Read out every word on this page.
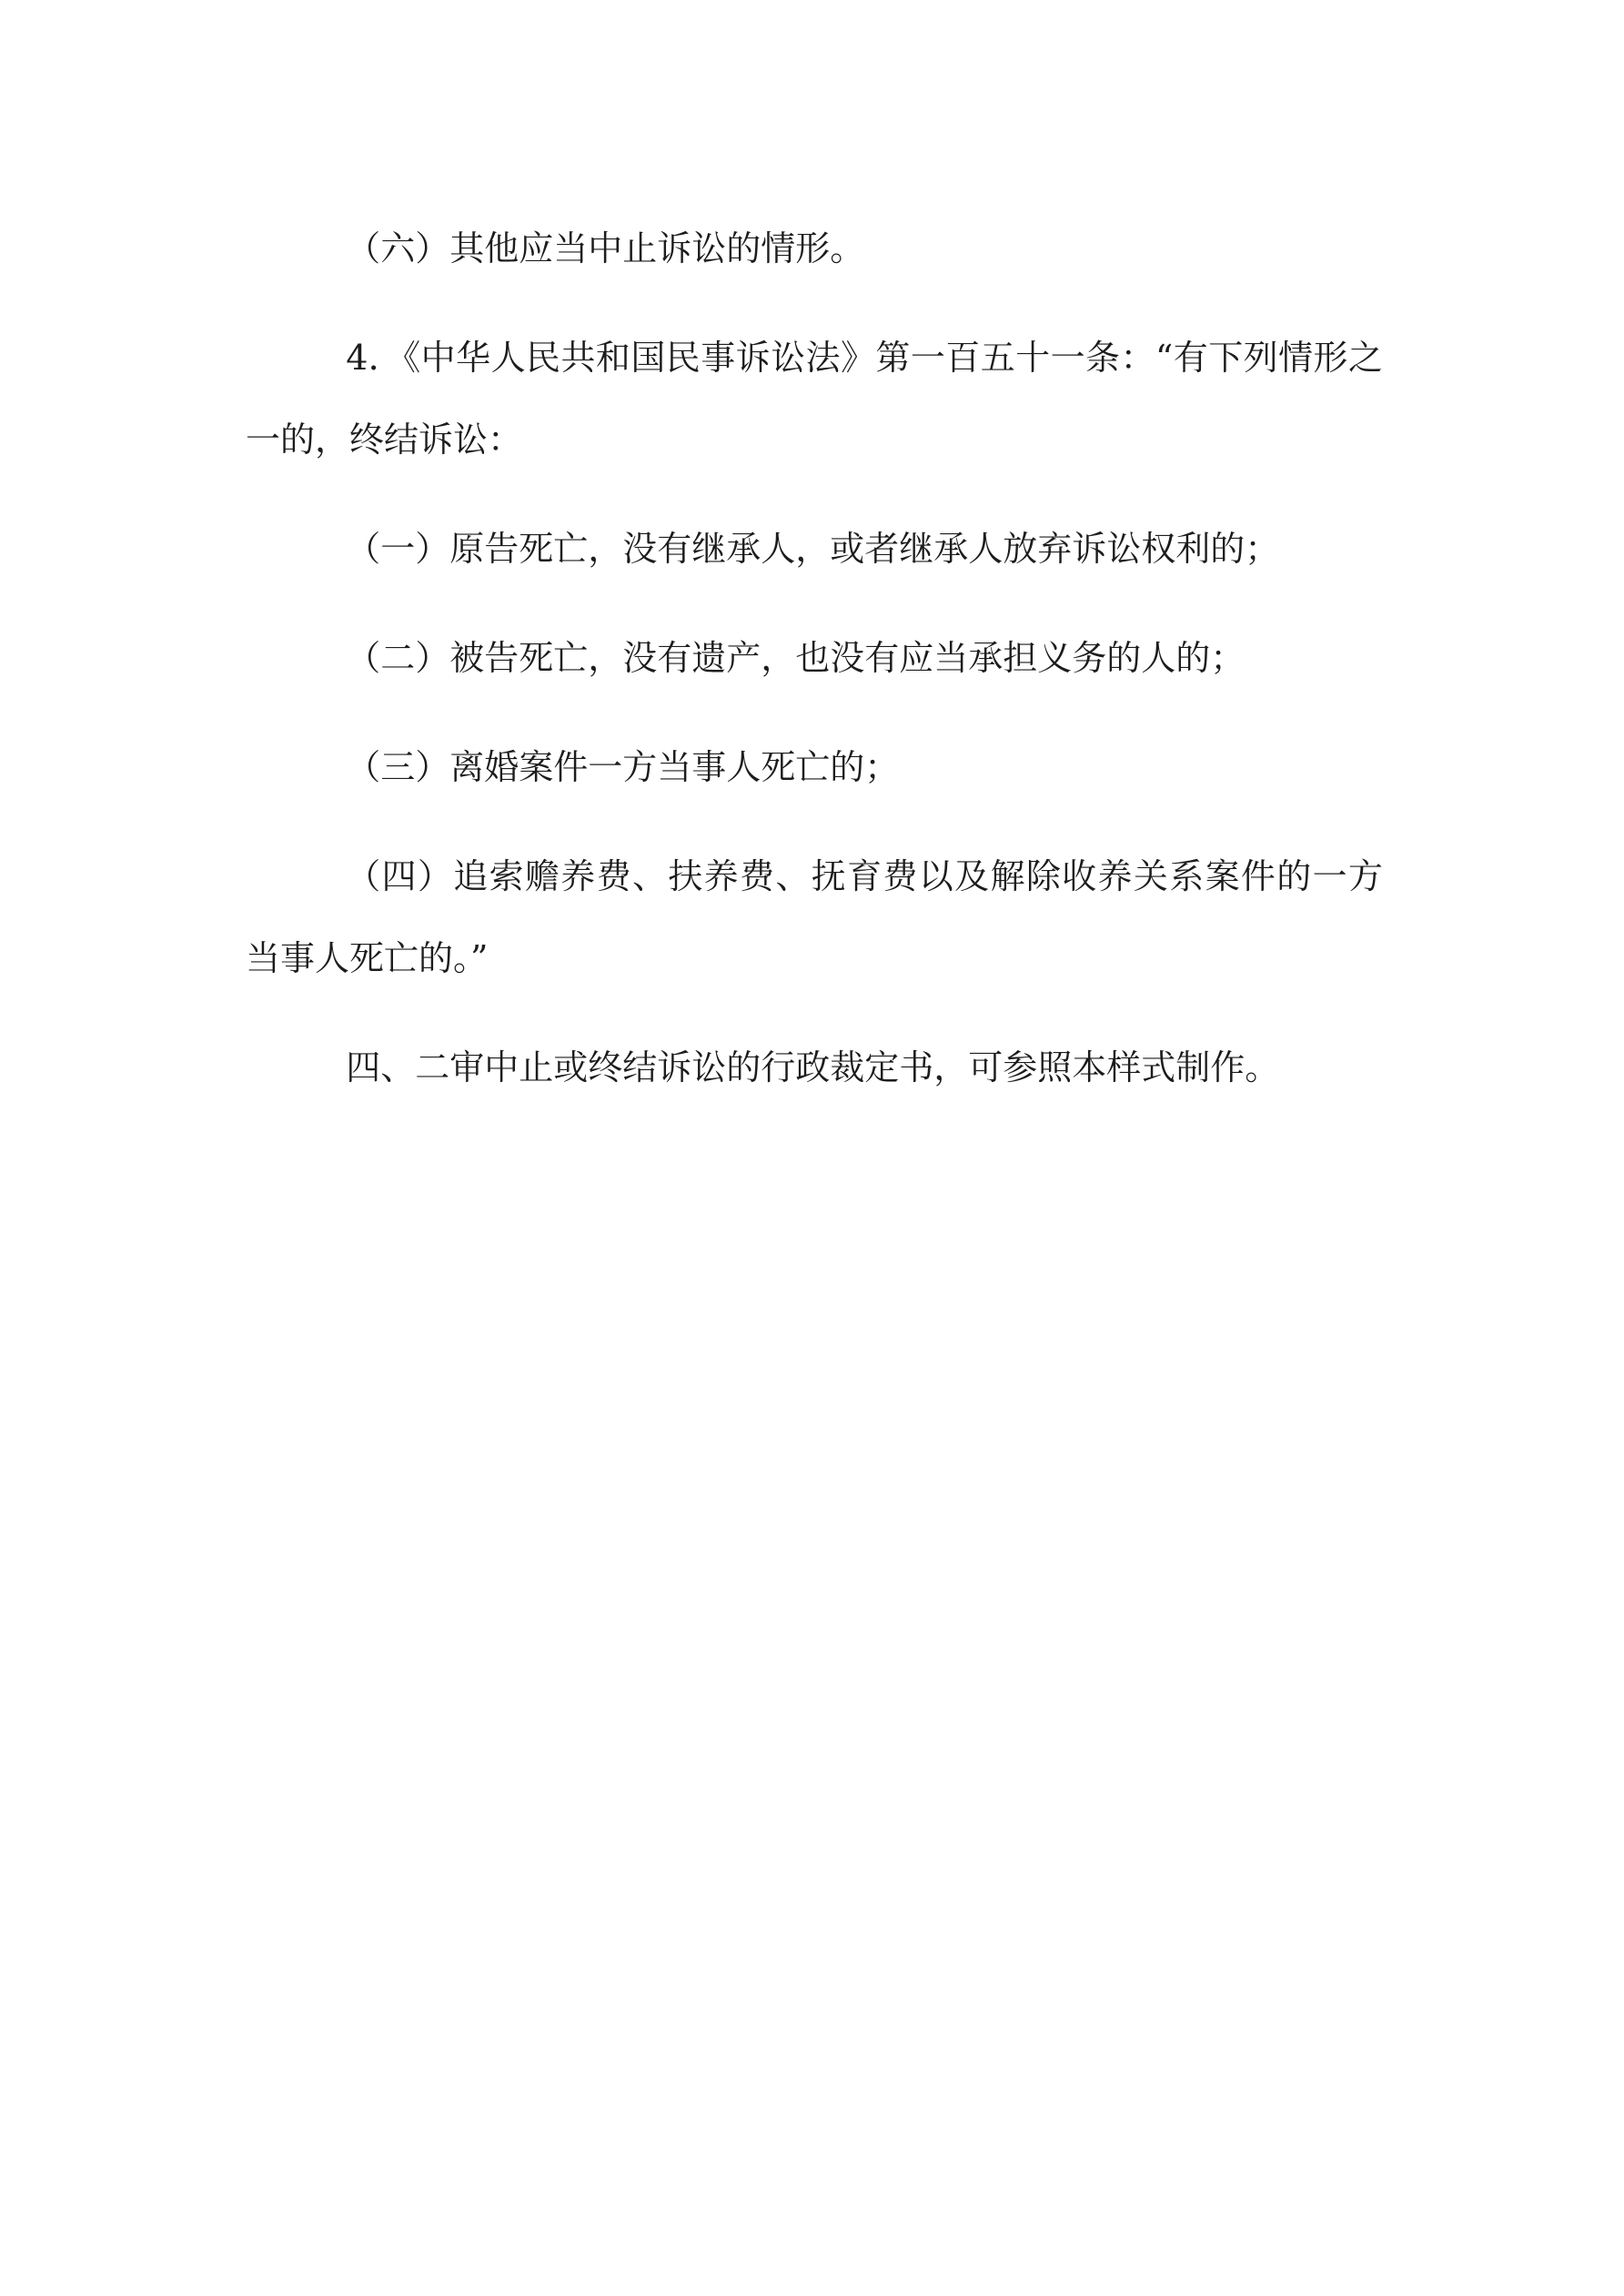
（六）其他应当中止诉讼的情形。

4．《中华人民共和国民事诉讼法》第一百五十一条：“有下列情形之一的，终结诉讼：

（一）原告死亡，没有继承人，或者继承人放弃诉讼权利的；

（二）被告死亡，没有遗产，也没有应当承担义务的人的；

（三）离婚案件一方当事人死亡的；

（四）追索赡养费、扶养费、抚育费以及解除收养关系案件的一方当事人死亡的。”

四、二审中止或终结诉讼的行政裁定书，可参照本样式制作。
